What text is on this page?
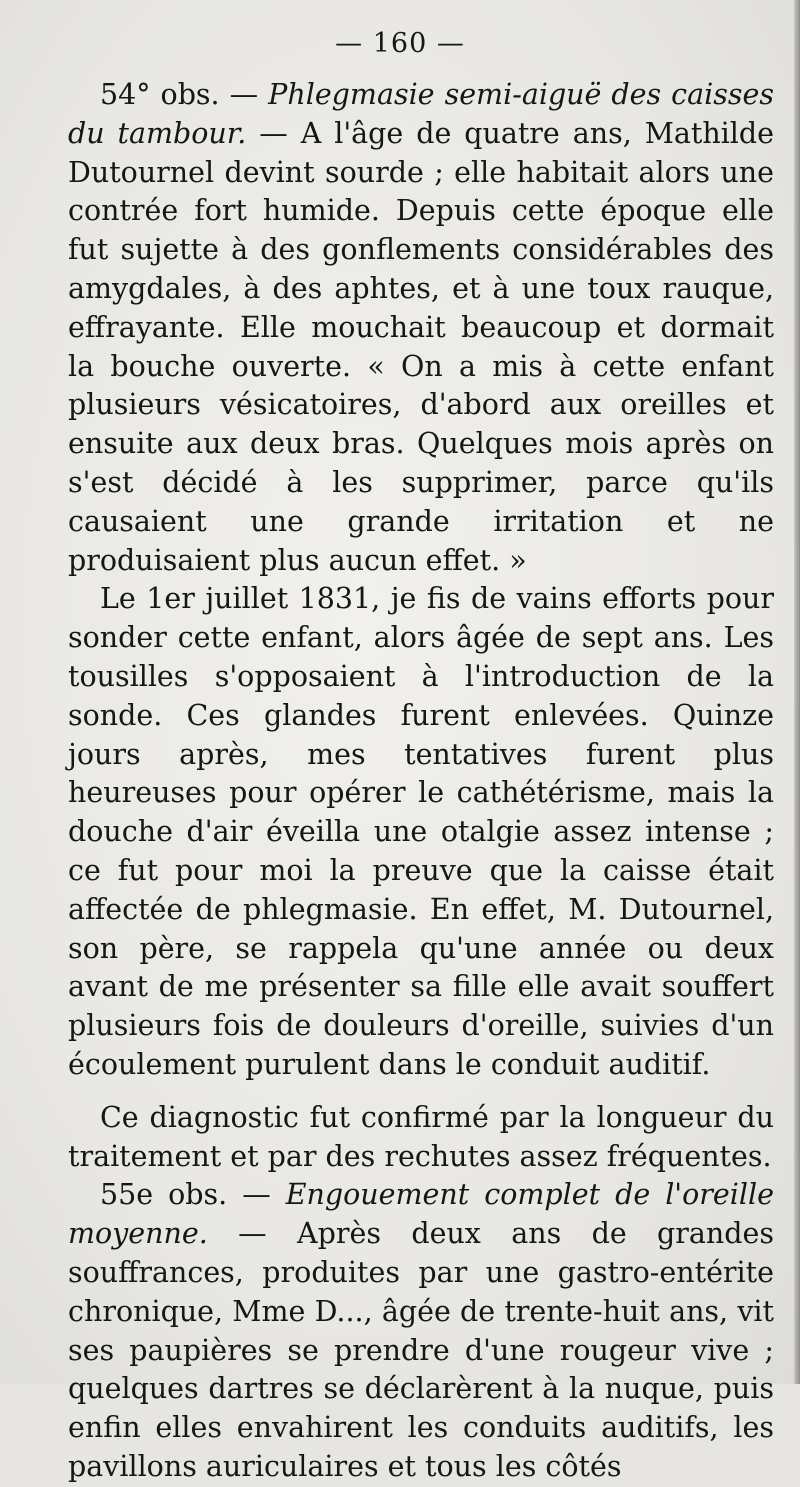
— 160 —

54° obs. — Phlegmasie semi-aiguë des caisses du tambour. — A l'âge de quatre ans, Mathilde Dutournel devint sourde ; elle habitait alors une contrée fort humide. Depuis cette époque elle fut sujette à des gonflements considérables des amygdales, à des aphtes, et à une toux rauque, effrayante. Elle mouchait beaucoup et dormait la bouche ouverte. « On a mis à cette enfant plusieurs vésicatoires, d'abord aux oreilles et ensuite aux deux bras. Quelques mois après on s'est décidé à les supprimer, parce qu'ils causaient une grande irritation et ne produisaient plus aucun effet. »

Le 1er juillet 1831, je fis de vains efforts pour sonder cette enfant, alors âgée de sept ans. Les tousilles s'opposaient à l'introduction de la sonde. Ces glandes furent enlevées. Quinze jours après, mes tentatives furent plus heureuses pour opérer le cathétérisme, mais la douche d'air éveilla une otalgie assez intense ; ce fut pour moi la preuve que la caisse était affectée de phlegmasie. En effet, M. Dutournel, son père, se rappela qu'une année ou deux avant de me présenter sa fille elle avait souffert plusieurs fois de douleurs d'oreille, suivies d'un écoulement purulent dans le conduit auditif.

Ce diagnostic fut confirmé par la longueur du traitement et par des rechutes assez fréquentes.

55e obs. — Engouement complet de l'oreille moyenne. — Après deux ans de grandes souffrances, produites par une gastro-entérite chronique, Mme D..., âgée de trente-huit ans, vit ses paupières se prendre d'une rougeur vive ; quelques dartres se déclarèrent à la nuque, puis enfin elles envahirent les conduits auditifs, les pavillons auriculaires et tous les côtés
